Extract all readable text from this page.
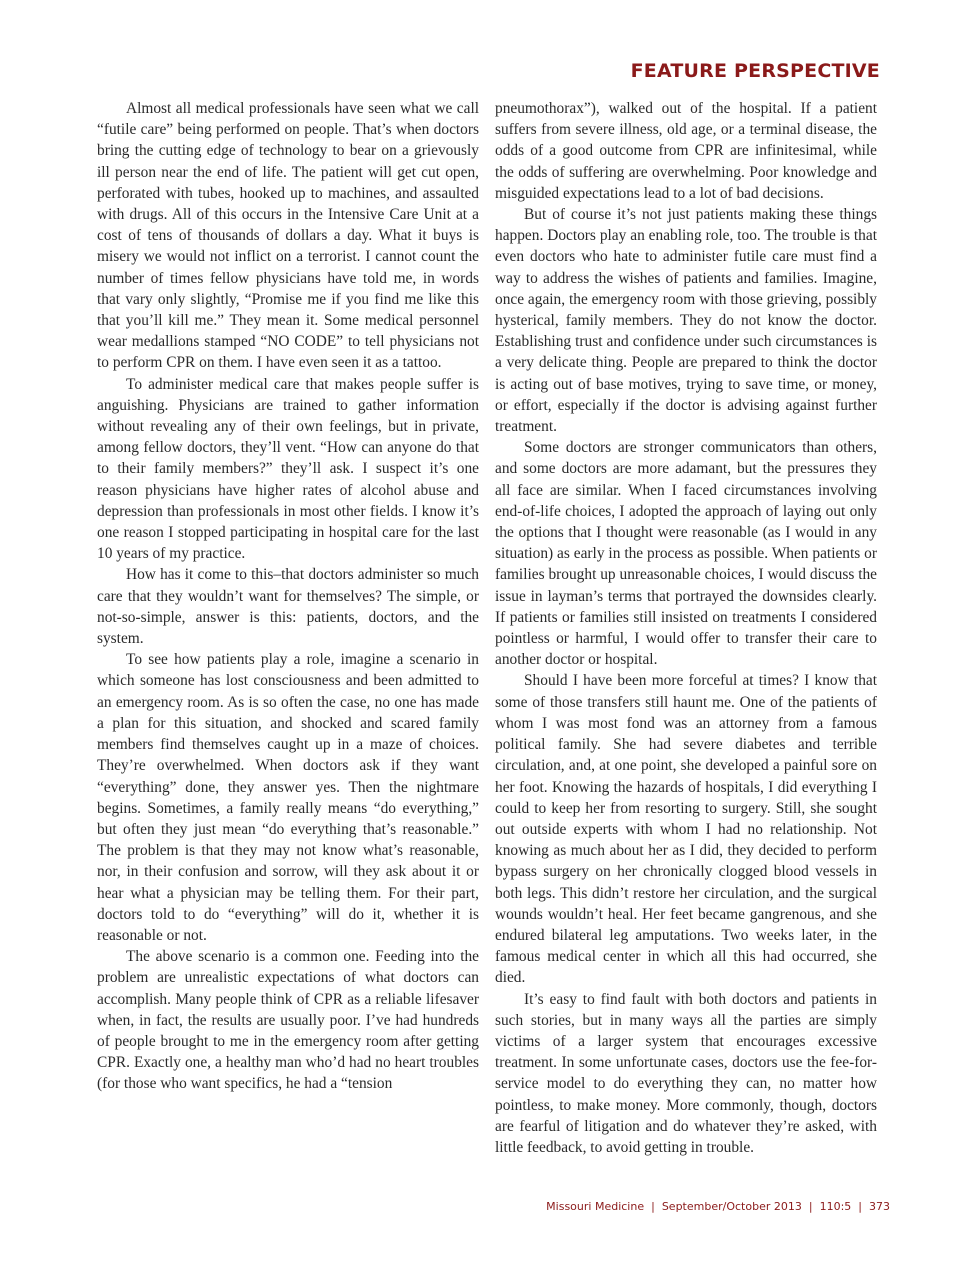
FEATURE PERSPECTIVE

Almost all medical professionals have seen what we call “futile care” being performed on people. That’s when doctors bring the cutting edge of technology to bear on a grievously ill person near the end of life. The patient will get cut open, perforated with tubes, hooked up to machines, and assaulted with drugs. All of this occurs in the Intensive Care Unit at a cost of tens of thousands of dollars a day. What it buys is misery we would not inflict on a terrorist. I cannot count the number of times fellow physicians have told me, in words that vary only slightly, “Promise me if you find me like this that you’ll kill me.” They mean it. Some medical personnel wear medallions stamped “NO CODE” to tell physicians not to perform CPR on them. I have even seen it as a tattoo.

To administer medical care that makes people suffer is anguishing. Physicians are trained to gather information without revealing any of their own feelings, but in private, among fellow doctors, they’ll vent. “How can anyone do that to their family members?” they’ll ask. I suspect it’s one reason physicians have higher rates of alcohol abuse and depression than professionals in most other fields. I know it’s one reason I stopped participating in hospital care for the last 10 years of my practice.

How has it come to this–that doctors administer so much care that they wouldn’t want for themselves? The simple, or not-so-simple, answer is this: patients, doctors, and the system.

To see how patients play a role, imagine a scenario in which someone has lost consciousness and been admitted to an emergency room. As is so often the case, no one has made a plan for this situation, and shocked and scared family members find themselves caught up in a maze of choices. They’re overwhelmed. When doctors ask if they want “everything” done, they answer yes. Then the nightmare begins. Sometimes, a family really means “do everything,” but often they just mean “do everything that’s reasonable.” The problem is that they may not know what’s reasonable, nor, in their confusion and sorrow, will they ask about it or hear what a physician may be telling them. For their part, doctors told to do “everything” will do it, whether it is reasonable or not.

The above scenario is a common one. Feeding into the problem are unrealistic expectations of what doctors can accomplish. Many people think of CPR as a reliable lifesaver when, in fact, the results are usually poor. I’ve had hundreds of people brought to me in the emergency room after getting CPR. Exactly one, a healthy man who’d had no heart troubles (for those who want specifics, he had a “tension

pneumothorax”), walked out of the hospital. If a patient suffers from severe illness, old age, or a terminal disease, the odds of a good outcome from CPR are infinitesimal, while the odds of suffering are overwhelming. Poor knowledge and misguided expectations lead to a lot of bad decisions.

But of course it’s not just patients making these things happen. Doctors play an enabling role, too. The trouble is that even doctors who hate to administer futile care must find a way to address the wishes of patients and families. Imagine, once again, the emergency room with those grieving, possibly hysterical, family members. They do not know the doctor. Establishing trust and confidence under such circumstances is a very delicate thing. People are prepared to think the doctor is acting out of base motives, trying to save time, or money, or effort, especially if the doctor is advising against further treatment.

Some doctors are stronger communicators than others, and some doctors are more adamant, but the pressures they all face are similar. When I faced circumstances involving end-of-life choices, I adopted the approach of laying out only the options that I thought were reasonable (as I would in any situation) as early in the process as possible. When patients or families brought up unreasonable choices, I would discuss the issue in layman’s terms that portrayed the downsides clearly. If patients or families still insisted on treatments I considered pointless or harmful, I would offer to transfer their care to another doctor or hospital.

Should I have been more forceful at times? I know that some of those transfers still haunt me. One of the patients of whom I was most fond was an attorney from a famous political family. She had severe diabetes and terrible circulation, and, at one point, she developed a painful sore on her foot. Knowing the hazards of hospitals, I did everything I could to keep her from resorting to surgery. Still, she sought out outside experts with whom I had no relationship. Not knowing as much about her as I did, they decided to perform bypass surgery on her chronically clogged blood vessels in both legs. This didn’t restore her circulation, and the surgical wounds wouldn’t heal. Her feet became gangrenous, and she endured bilateral leg amputations. Two weeks later, in the famous medical center in which all this had occurred, she died.

It’s easy to find fault with both doctors and patients in such stories, but in many ways all the parties are simply victims of a larger system that encourages excessive treatment. In some unfortunate cases, doctors use the fee-for-service model to do everything they can, no matter how pointless, to make money. More commonly, though, doctors are fearful of litigation and do whatever they’re asked, with little feedback, to avoid getting in trouble.

Missouri Medicine | September/October 2013 | 110:5 | 373
